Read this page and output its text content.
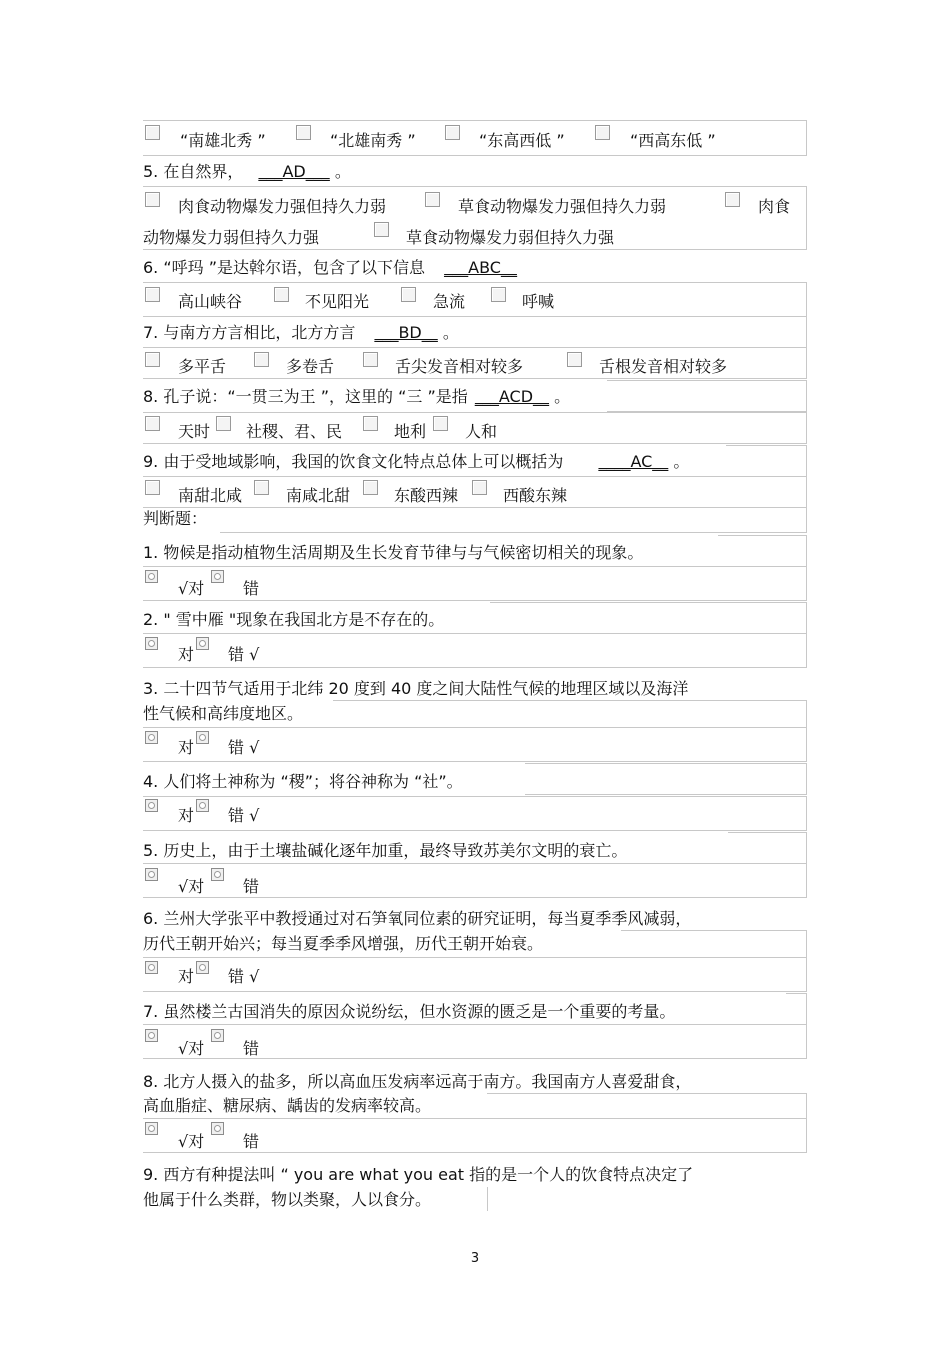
“南雄北秀 ”	“北雄南秀 ”	“东高西低 ”	“西高东低 ”
5. 在自然界， ___AD___ 。
肉食动物爆发力强但持久力弱	草食动物爆发力强但持久力弱	肉食
动物爆发力弱但持久力强	草食动物爆发力弱但持久力强
6. “呼玛 ”是达斡尔语，包含了以下信息 ___ABC__
高山峡谷	不见阳光	急流	呼喊
7. 与南方方言相比，北方方言 ___BD__ 。
多平舌	多卷舌	舌尖发音相对较多	舌根发音相对较多
8. 孔子说：“一贯三为王 ”，这里的 “三 ”是指 ___ACD__ 。
天时 社稷、君、民	地利 人和
9. 由于受地域影响，我国的饮食文化特点总体上可以概括为 ____AC__ 。
南甜北咸	南咸北甜	东酸西辣	西酸东辣
判断题：
1. 物候是指动植物生活周期及生长发育节律与与气候密切相关的现象。
√对 错
2. " 雪中雁 "现象在我国北方是不存在的。
对 错 √
3. 二十四节气适用于北纬 20 度到 40 度之间大陆性气候的地理区域以及海洋
性气候和高纬度地区。
对 错 √
4. 人们将土神称为 “稷”；将谷神称为 “社”。
对 错 √
5. 历史上，由于土壤盐碱化逐年加重，最终导致苏美尔文明的衰亡。
√对 错
6. 兰州大学张平中教授通过对石笋氧同位素的研究证明，每当夏季季风减弱，
历代王朝开始兴；每当夏季季风增强，历代王朝开始衰。
对 错 √
7. 虽然楼兰古国消失的原因众说纷纭，但水资源的匮乏是一个重要的考量。
√对 错
8. 北方人摄入的盐多，所以高血压发病率远高于南方。我国南方人喜爱甜食，
高血脂症、糖尿病、龋齿的发病率较高。
√对 错
9. 西方有种提法叫 “ you are what you eat 指的是一个人的饮食特点决定了
他属于什么类群，物以类聚，人以食分。
3
